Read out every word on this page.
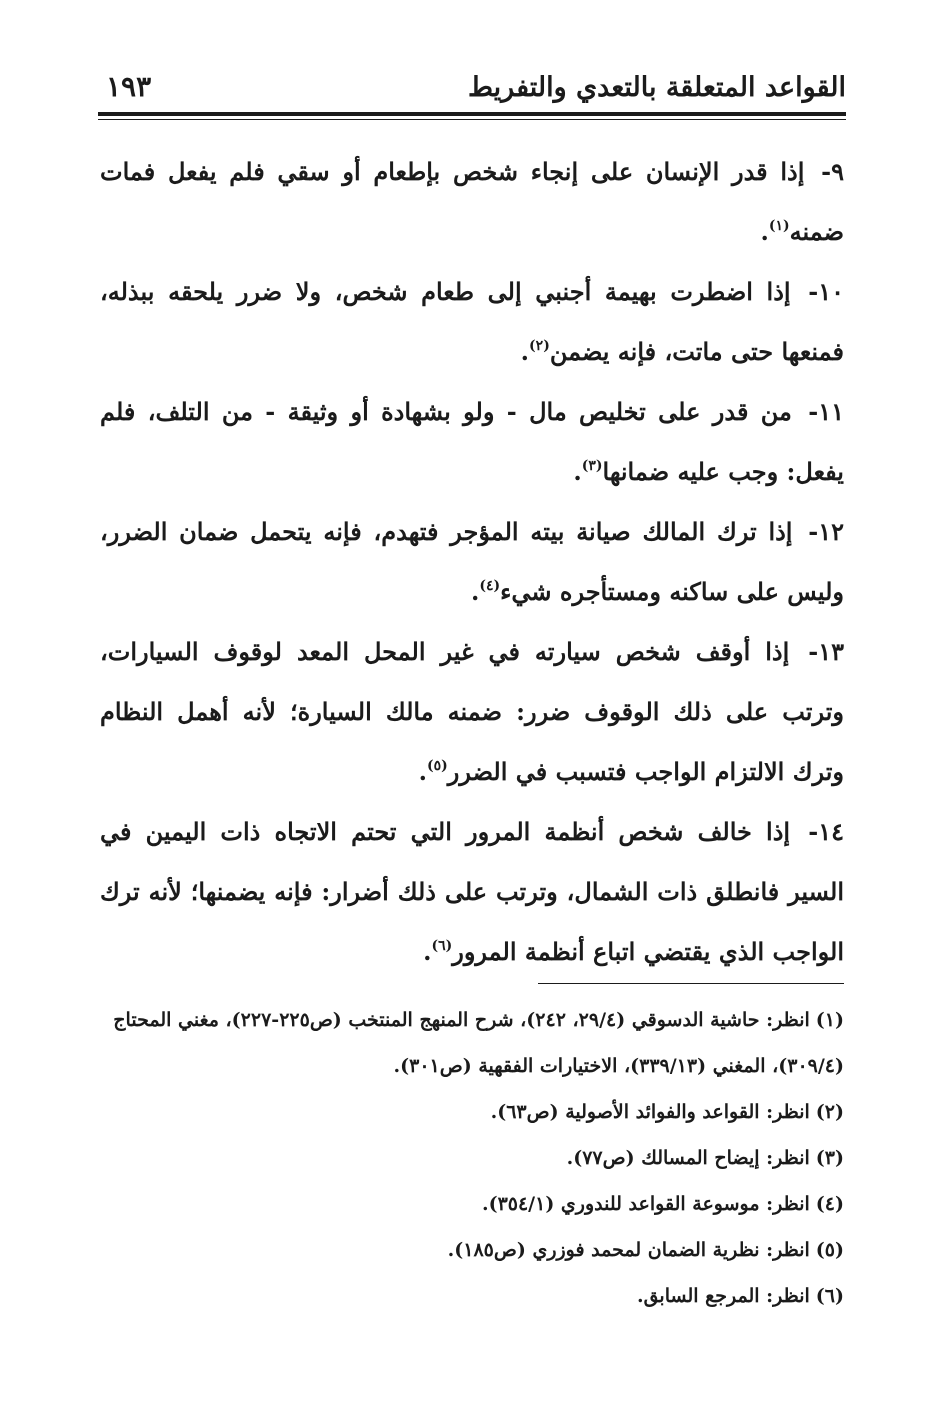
القواعد المتعلقة بالتعدي والتفريط
١٩٣

٩- إذا قدر الإنسان على إنجاء شخص بإطعام أو سقي فلم يفعل فمات ضمنه$^{(١)}$.

١٠- إذا اضطرت بهيمة أجنبي إلى طعام شخص، ولا ضرر يلحقه ببذله، فمنعها حتى ماتت، فإنه يضمن$^{(٢)}$.

١١- من قدر على تخليص مال - ولو بشهادة أو وثيقة - من التلف، فلم يفعل: وجب عليه ضمانها$^{(٣)}$.

١٢- إذا ترك المالك صيانة بيته المؤجر فتهدم، فإنه يتحمل ضمان الضرر، وليس على ساكنه ومستأجره شيء$^{(٤)}$.

١٣- إذا أوقف شخص سيارته في غير المحل المعد لوقوف السيارات، وترتب على ذلك الوقوف ضرر: ضمنه مالك السيارة؛ لأنه أهمل النظام وترك الالتزام الواجب فتسبب في الضرر$^{(٥)}$.

١٤- إذا خالف شخص أنظمة المرور التي تحتم الاتجاه ذات اليمين في السير فانطلق ذات الشمال، وترتب على ذلك أضرار: فإنه يضمنها؛ لأنه ترك الواجب الذي يقتضي اتباع أنظمة المرور$^{(٦)}$.

(١)انظر: حاشية الدسوقي (٢٩/٤، ٢٤٢)، شرح المنهج المنتخب (ص٢٢٥-٢٢٧)، مغني المحتاج (٣٠٩/٤)، المغني (٣٣٩/١٣)، الاختيارات الفقهية (ص٣٠١).

(٢)انظر: القواعد والفوائد الأصولية (ص٦٣).

(٣)انظر: إيضاح المسالك (ص٧٧).

(٤)انظر: موسوعة القواعد للندوري (٣٥٤/١).

(٥)انظر: نظرية الضمان لمحمد فوزري (ص١٨٥).

(٦)انظر: المرجع السابق.
